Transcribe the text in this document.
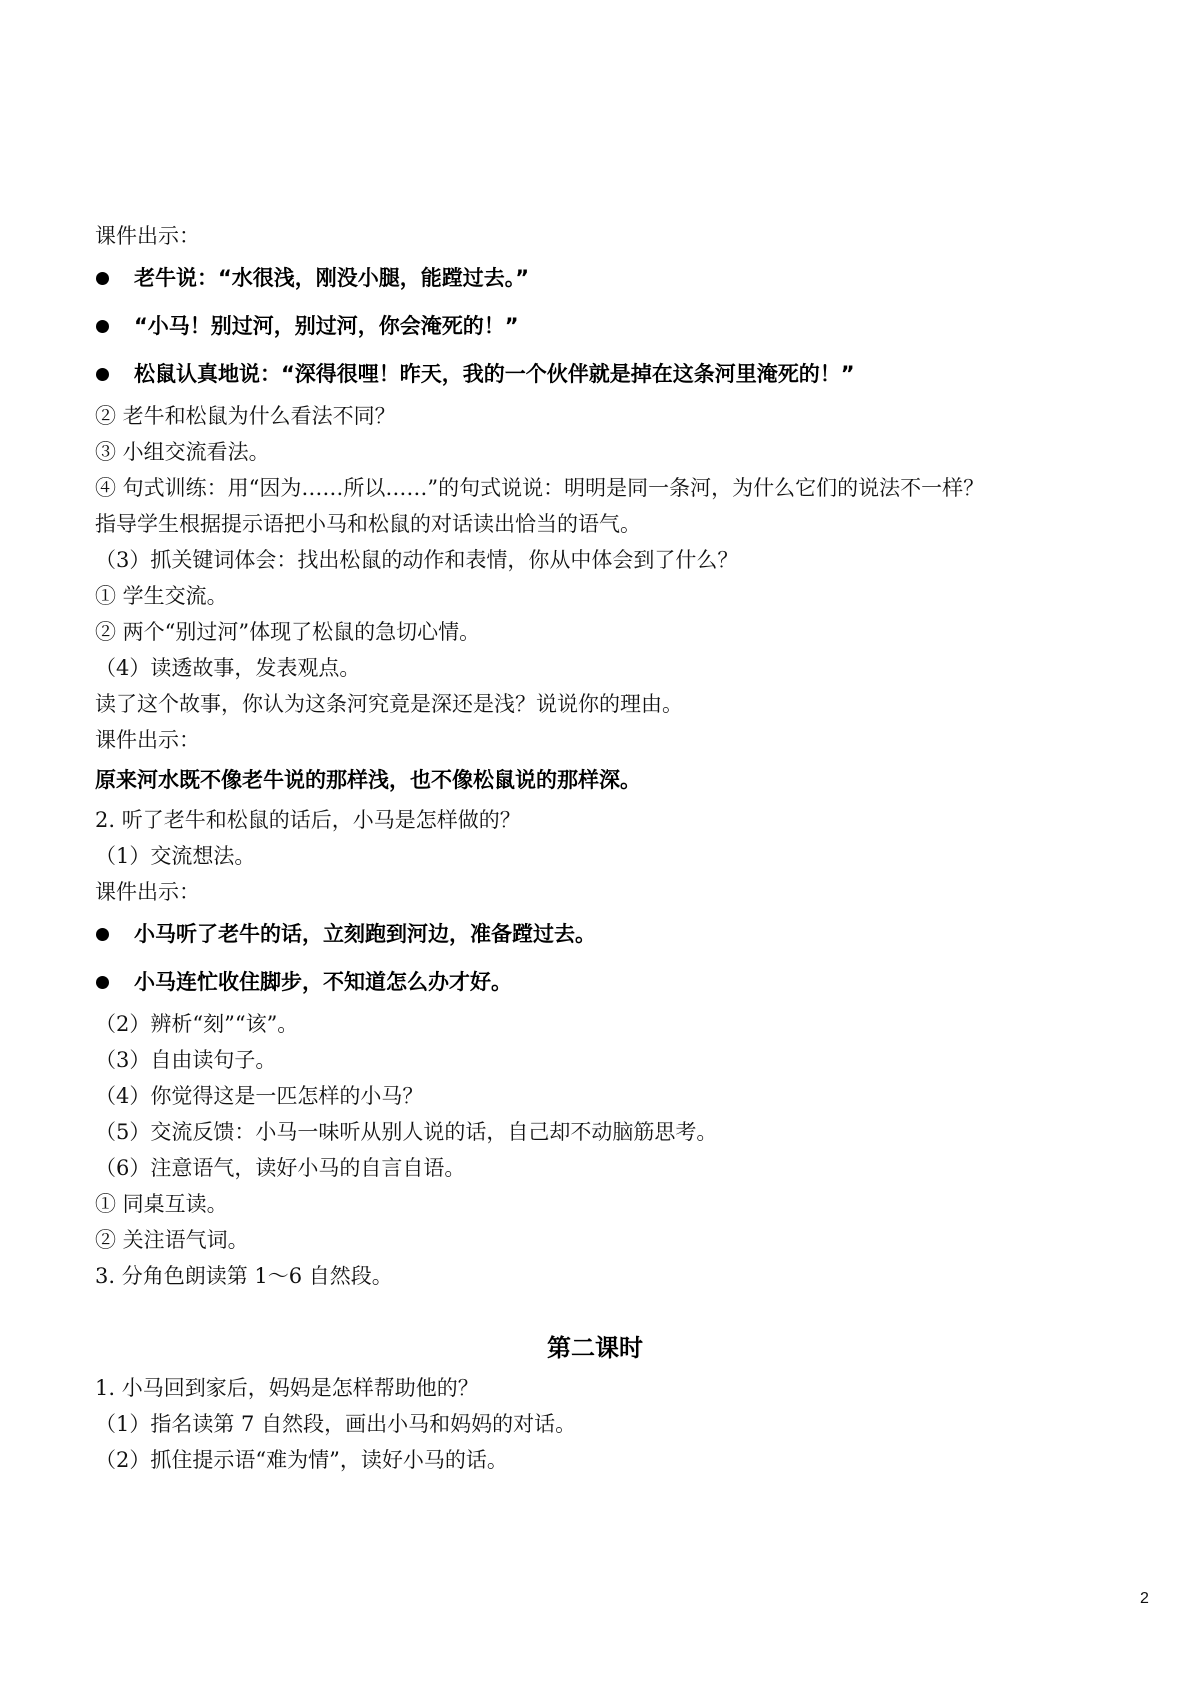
课件出示：
老牛说：“水很浅，刚没小腿，能蹚过去。”
“小马！别过河，别过河，你会淹死的！”
松鼠认真地说：“深得很哩！昨天，我的一个伙伴就是掉在这条河里淹死的！”
② 老牛和松鼠为什么看法不同？
③ 小组交流看法。
④ 句式训练：用“因为……所以……”的句式说说：明明是同一条河，为什么它们的说法不一样？
指导学生根据提示语把小马和松鼠的对话读出恰当的语气。
（3）抓关键词体会：找出松鼠的动作和表情，你从中体会到了什么？
① 学生交流。
② 两个“别过河”体现了松鼠的急切心情。
（4）读透故事，发表观点。
读了这个故事，你认为这条河究竟是深还是浅？说说你的理由。
课件出示：
原来河水既不像老牛说的那样浅，也不像松鼠说的那样深。
2. 听了老牛和松鼠的话后，小马是怎样做的？
（1）交流想法。
课件出示：
小马听了老牛的话，立刻跑到河边，准备蹚过去。
小马连忙收住脚步，不知道怎么办才好。
（2）辨析“刻”“该”。
（3）自由读句子。
（4）你觉得这是一匹怎样的小马？
（5）交流反馈：小马一味听从别人说的话，自己却不动脑筋思考。
（6）注意语气，读好小马的自言自语。
① 同桌互读。
② 关注语气词。
3. 分角色朗读第 1～6 自然段。
第二课时
1. 小马回到家后，妈妈是怎样帮助他的？
（1）指名读第 7 自然段，画出小马和妈妈的对话。
（2）抓住提示语“难为情”，读好小马的话。
2
